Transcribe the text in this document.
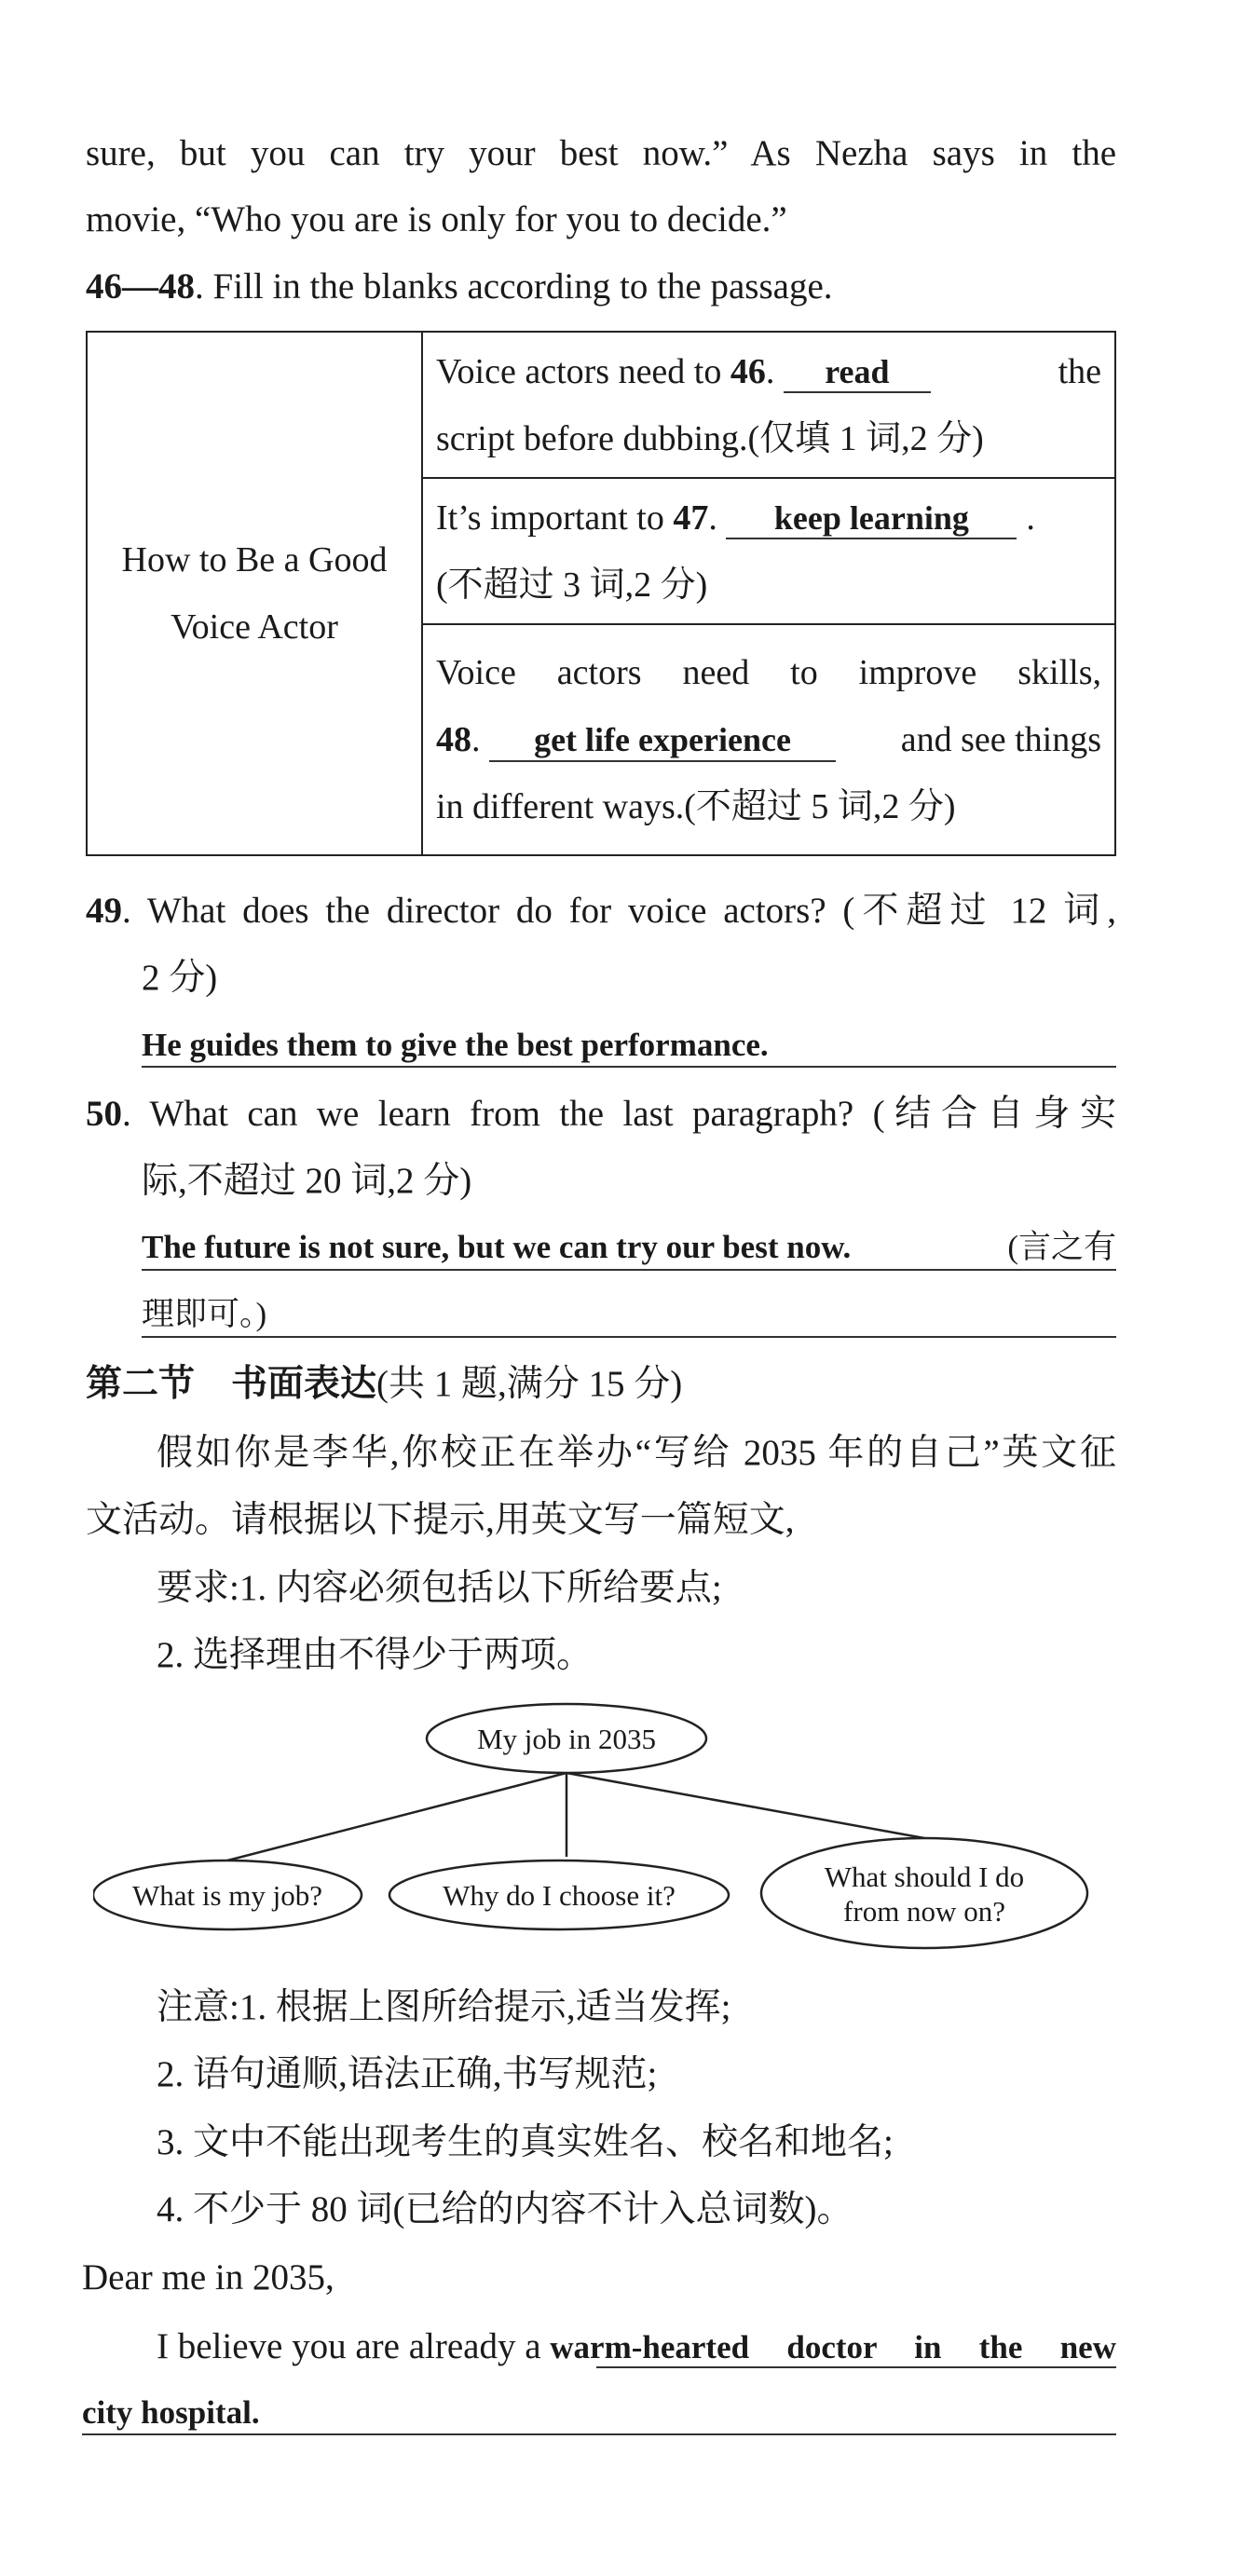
sure, but you can try your best now.” As Nezha says in the
movie, “Who you are is only for you to decide.”
46—48. Fill in the blanks according to the passage.
How to Be a Good
Voice Actor

Voice actors need to 46. read	the
script before dubbing.(仅填 1 词,2 分)

It’s important to 47. keep learning .
(不超过 3 词,2 分)

Voice actors need to improve skills,
48. get life experience	and see things
in different ways.(不超过 5 词,2 分)
49. What does the director do for voice actors? (不超过 12 词,
2 分)
He guides them to give the best performance.
50. What can we learn from the last paragraph? (结合自身实
际,不超过 20 词,2 分)
The future is not sure, but we can try our best now.	(言之有
理即可。)
第二节　书面表达(共 1 题,满分 15 分)
假如你是李华,你校正在举办“写给 2035 年的自己”英文征
文活动。请根据以下提示,用英文写一篇短文,
要求:1. 内容必须包括以下所给要点;
2. 选择理由不得少于两项。
My job in 2035
What is my job?	Why do I choose it?
What should I do
from now on?
注意:1. 根据上图所给提示,适当发挥;
2. 语句通顺,语法正确,书写规范;
3. 文中不能出现考生的真实姓名、校名和地名;
4. 不少于 80 词(已给的内容不计入总词数)。
Dear me in 2035,
I believe you are already a warm-hearted doctor in the new
city hospital.
